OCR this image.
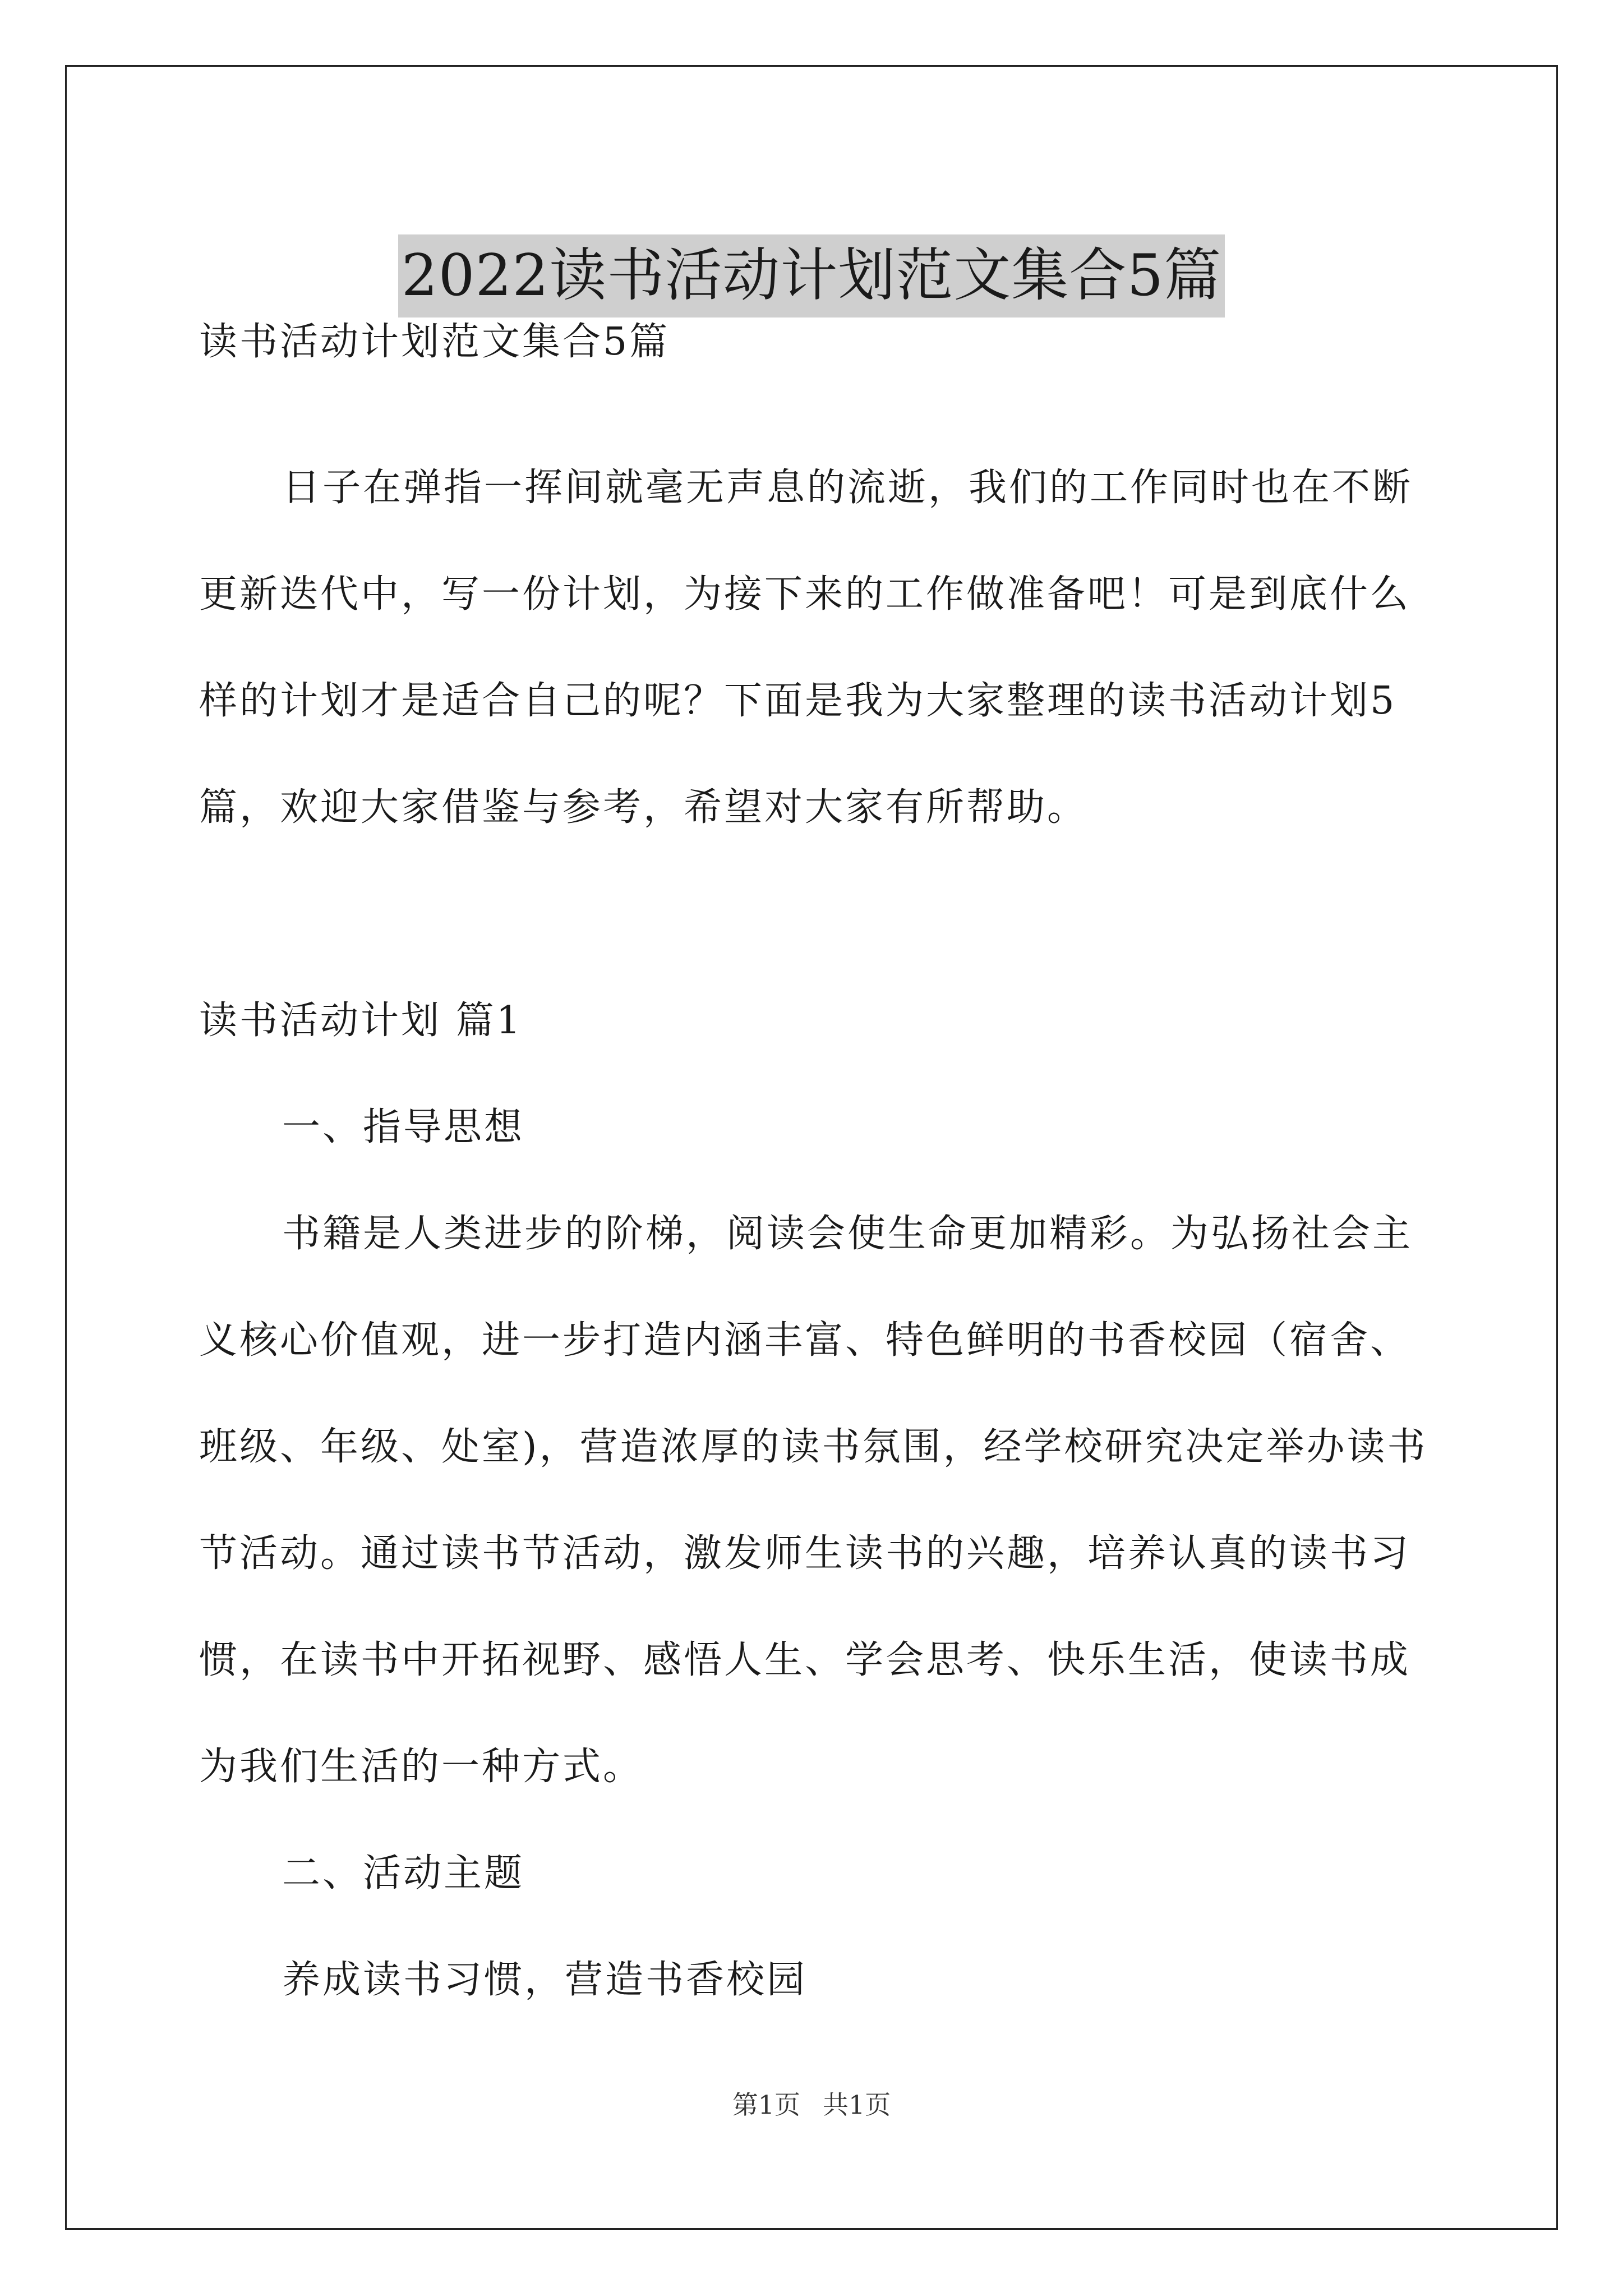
2022读书活动计划范文集合5篇
读书活动计划范文集合5篇
日子在弹指一挥间就毫无声息的流逝，我们的工作同时也在不断
更新迭代中，写一份计划，为接下来的工作做准备吧！可是到底什么
样的计划才是适合自己的呢？下面是我为大家整理的读书活动计划5
篇，欢迎大家借鉴与参考，希望对大家有所帮助。
读书活动计划 篇1
一、指导思想
书籍是人类进步的阶梯，阅读会使生命更加精彩。为弘扬社会主
义核心价值观，进一步打造内涵丰富、特色鲜明的书香校园（宿舍、
班级、年级、处室)，营造浓厚的读书氛围，经学校研究决定举办读书
节活动。通过读书节活动，激发师生读书的兴趣，培养认真的读书习
惯，在读书中开拓视野、感悟人生、学会思考、快乐生活，使读书成
为我们生活的一种方式。
二、活动主题
养成读书习惯，营造书香校园
第1页 共1页
